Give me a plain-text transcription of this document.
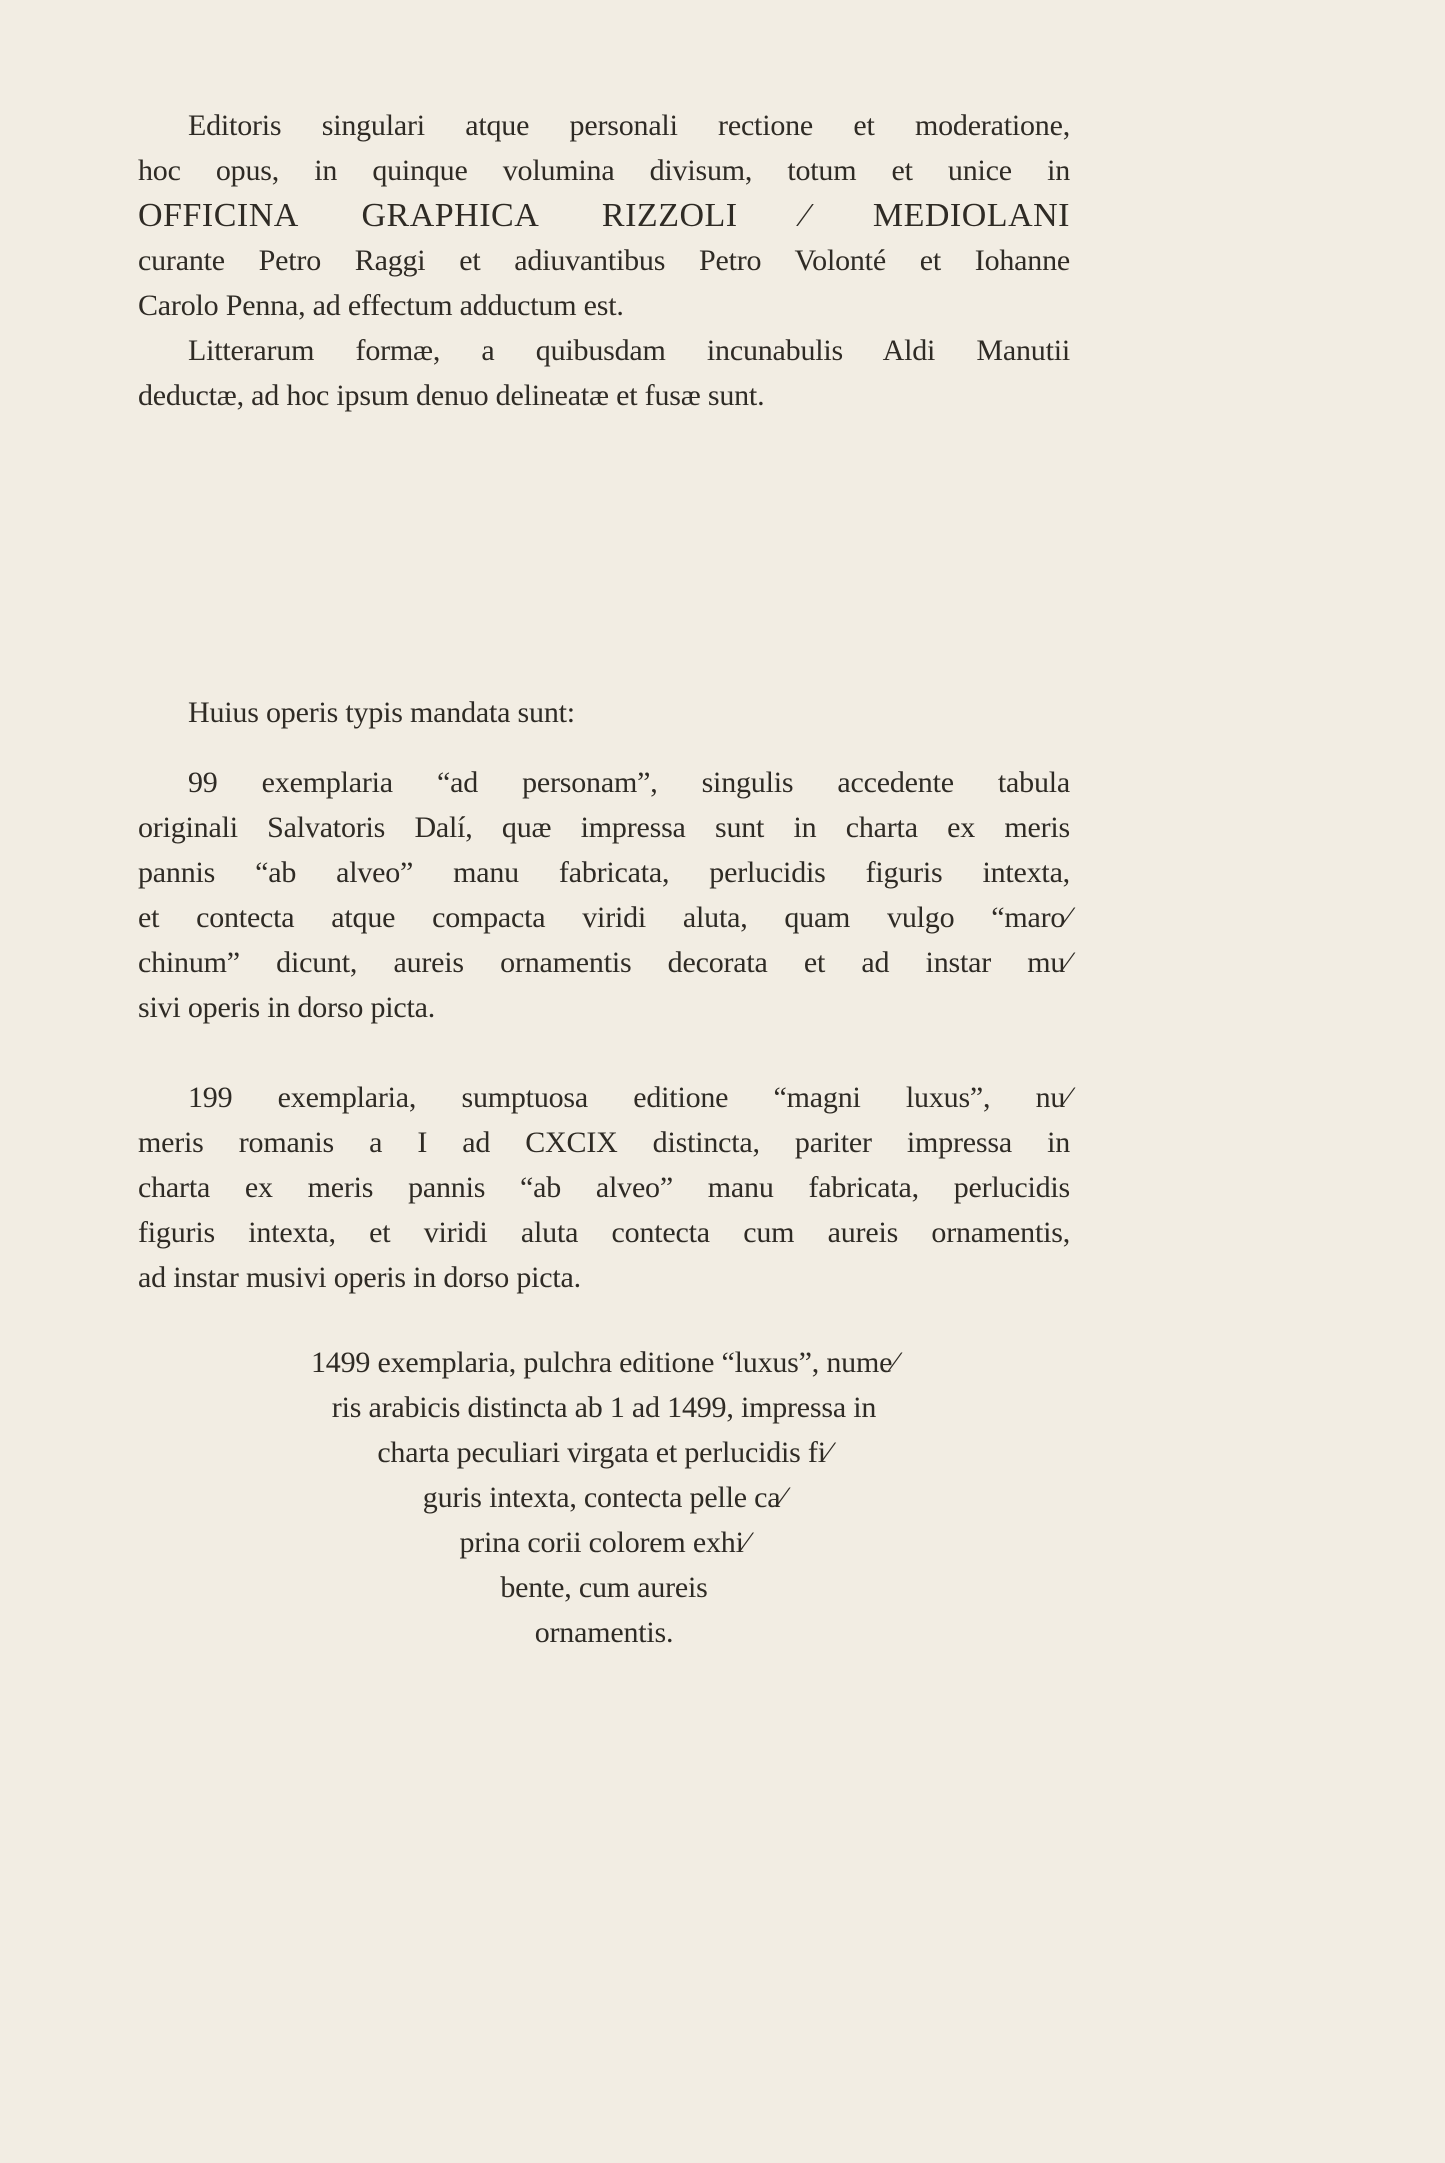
Editoris singulari atque personali rectione et moderatione,
hoc opus, in quinque volumina divisum, totum et unice in
OFFICINA GRAPHICA RIZZOLI ⁄ MEDIOLANI
curante Petro Raggi et adiuvantibus Petro Volonté et Iohanne
Carolo Penna, ad effectum adductum est.

Litterarum formæ, a quibusdam incunabulis Aldi Manutii
deductæ, ad hoc ipsum denuo delineatæ et fusæ sunt.

Huius operis typis mandata sunt:

99 exemplaria “ad personam”, singulis accedente tabula
originali Salvatoris Dalí, quæ impressa sunt in charta ex meris
pannis “ab alveo” manu fabricata, perlucidis figuris intexta,
et contecta atque compacta viridi aluta, quam vulgo “maro⁄
chinum” dicunt, aureis ornamentis decorata et ad instar mu⁄
sivi operis in dorso picta.

199 exemplaria, sumptuosa editione “magni luxus”, nu⁄
meris romanis a I ad CXCIX distincta, pariter impressa in
charta ex meris pannis “ab alveo” manu fabricata, perlucidis
figuris intexta, et viridi aluta contecta cum aureis ornamentis,
ad instar musivi operis in dorso picta.

1499 exemplaria, pulchra editione “luxus”, nume⁄
ris arabicis distincta ab 1 ad 1499, impressa in
charta peculiari virgata et perlucidis fi⁄
guris intexta, contecta pelle ca⁄
prina corii colorem exhi⁄
bente, cum aureis
ornamentis.
